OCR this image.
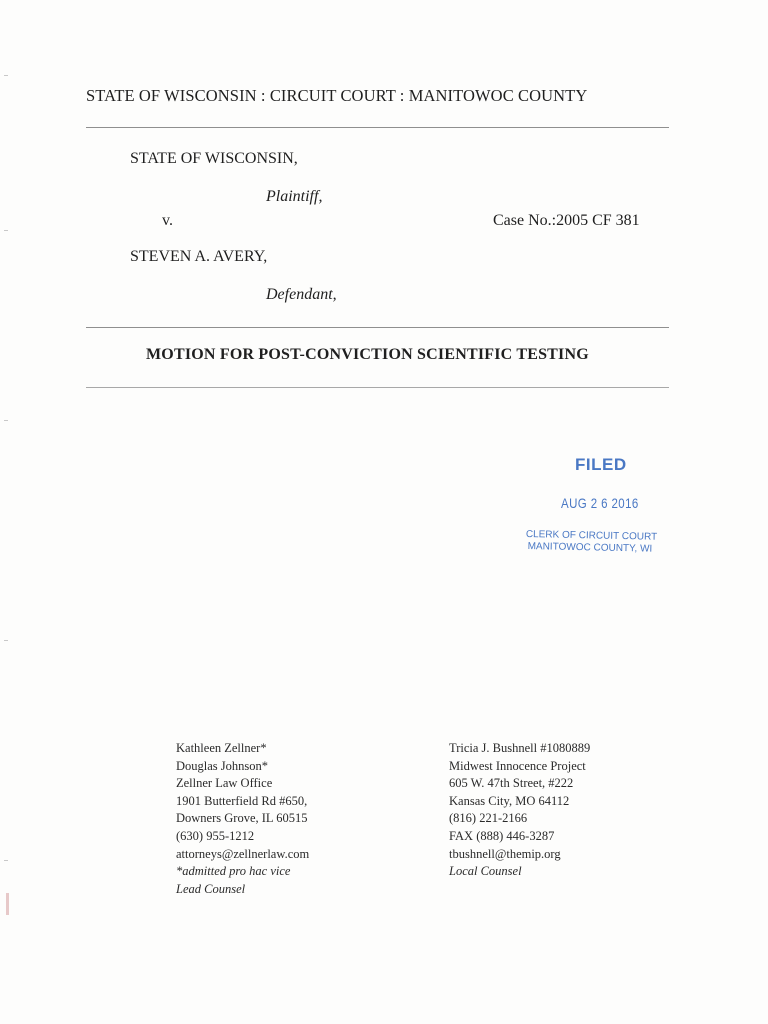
STATE OF WISCONSIN : CIRCUIT COURT : MANITOWOC COUNTY
STATE OF WISCONSIN,
Plaintiff,
v.	Case No.:2005 CF 381
STEVEN A. AVERY,
Defendant,
MOTION FOR POST-CONVICTION SCIENTIFIC TESTING
FILED
AUG 2 6 2016
CLERK OF CIRCUIT COURT
MANITOWOC COUNTY, WI
Kathleen Zellner*
Douglas Johnson*
Zellner Law Office
1901 Butterfield Rd #650,
Downers Grove, IL 60515
(630) 955-1212
attorneys@zellnerlaw.com
*admitted pro hac vice
Lead Counsel
Tricia J. Bushnell #1080889
Midwest Innocence Project
605 W. 47th Street, #222
Kansas City, MO 64112
(816) 221-2166
FAX (888) 446-3287
tbushnell@themip.org
Local Counsel
